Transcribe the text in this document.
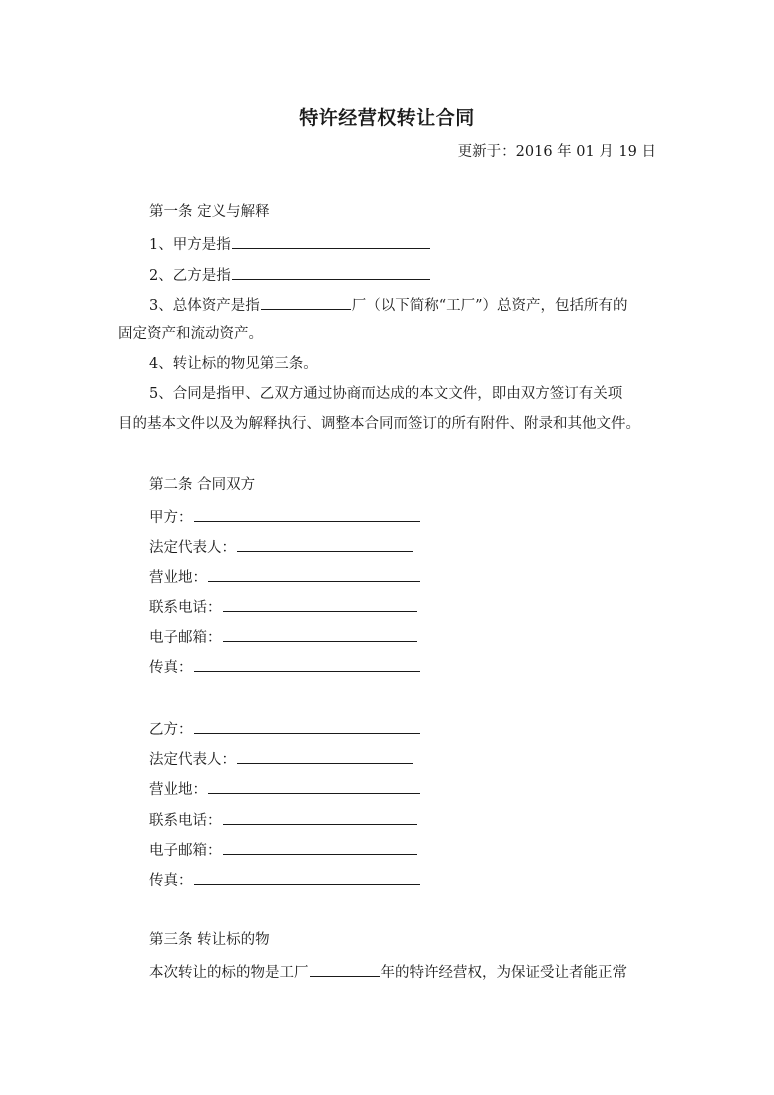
特许经营权转让合同
更新于：2016 年 01 月 19 日
第一条 定义与解释
1、甲方是指
2、乙方是指
3、总体资产是指	厂（以下简称“工厂”）总资产，包括所有的
固定资产和流动资产。
4、转让标的物见第三条。
5、合同是指甲、乙双方通过协商而达成的本文文件，即由双方签订有关项
目的基本文件以及为解释执行、调整本合同而签订的所有附件、附录和其他文件。
第二条 合同双方
甲方：
法定代表人：
营业地：
联系电话：
电子邮箱：
传真：
乙方：
法定代表人：
营业地：
联系电话：
电子邮箱：
传真：
第三条 转让标的物
本次转让的标的物是工厂	年的特许经营权，为保证受让者能正常
